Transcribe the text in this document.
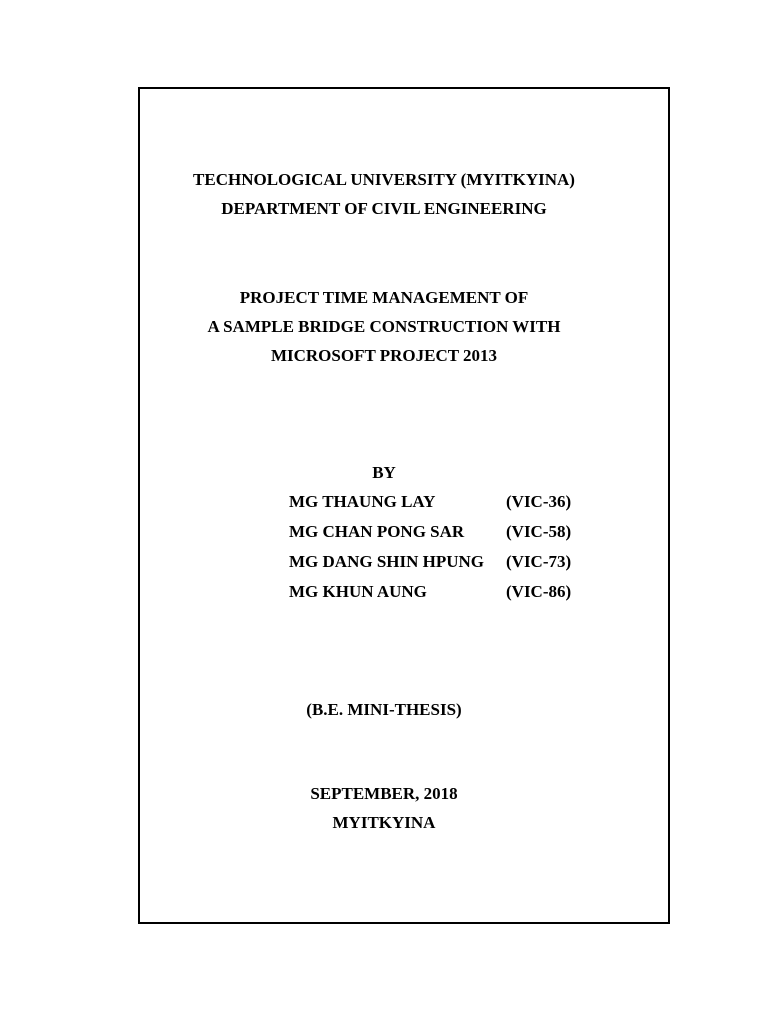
TECHNOLOGICAL UNIVERSITY (MYITKYINA)
DEPARTMENT OF CIVIL ENGINEERING
PROJECT TIME MANAGEMENT OF
A SAMPLE BRIDGE CONSTRUCTION WITH
MICROSOFT PROJECT 2013
BY
MG THAUNG LAY	(VIC-36)
MG CHAN PONG SAR (VIC-58)
MG DANG SHIN HPUNG (VIC-73)
MG KHUN AUNG	(VIC-86)
(B.E. MINI-THESIS)
SEPTEMBER, 2018
MYITKYINA
